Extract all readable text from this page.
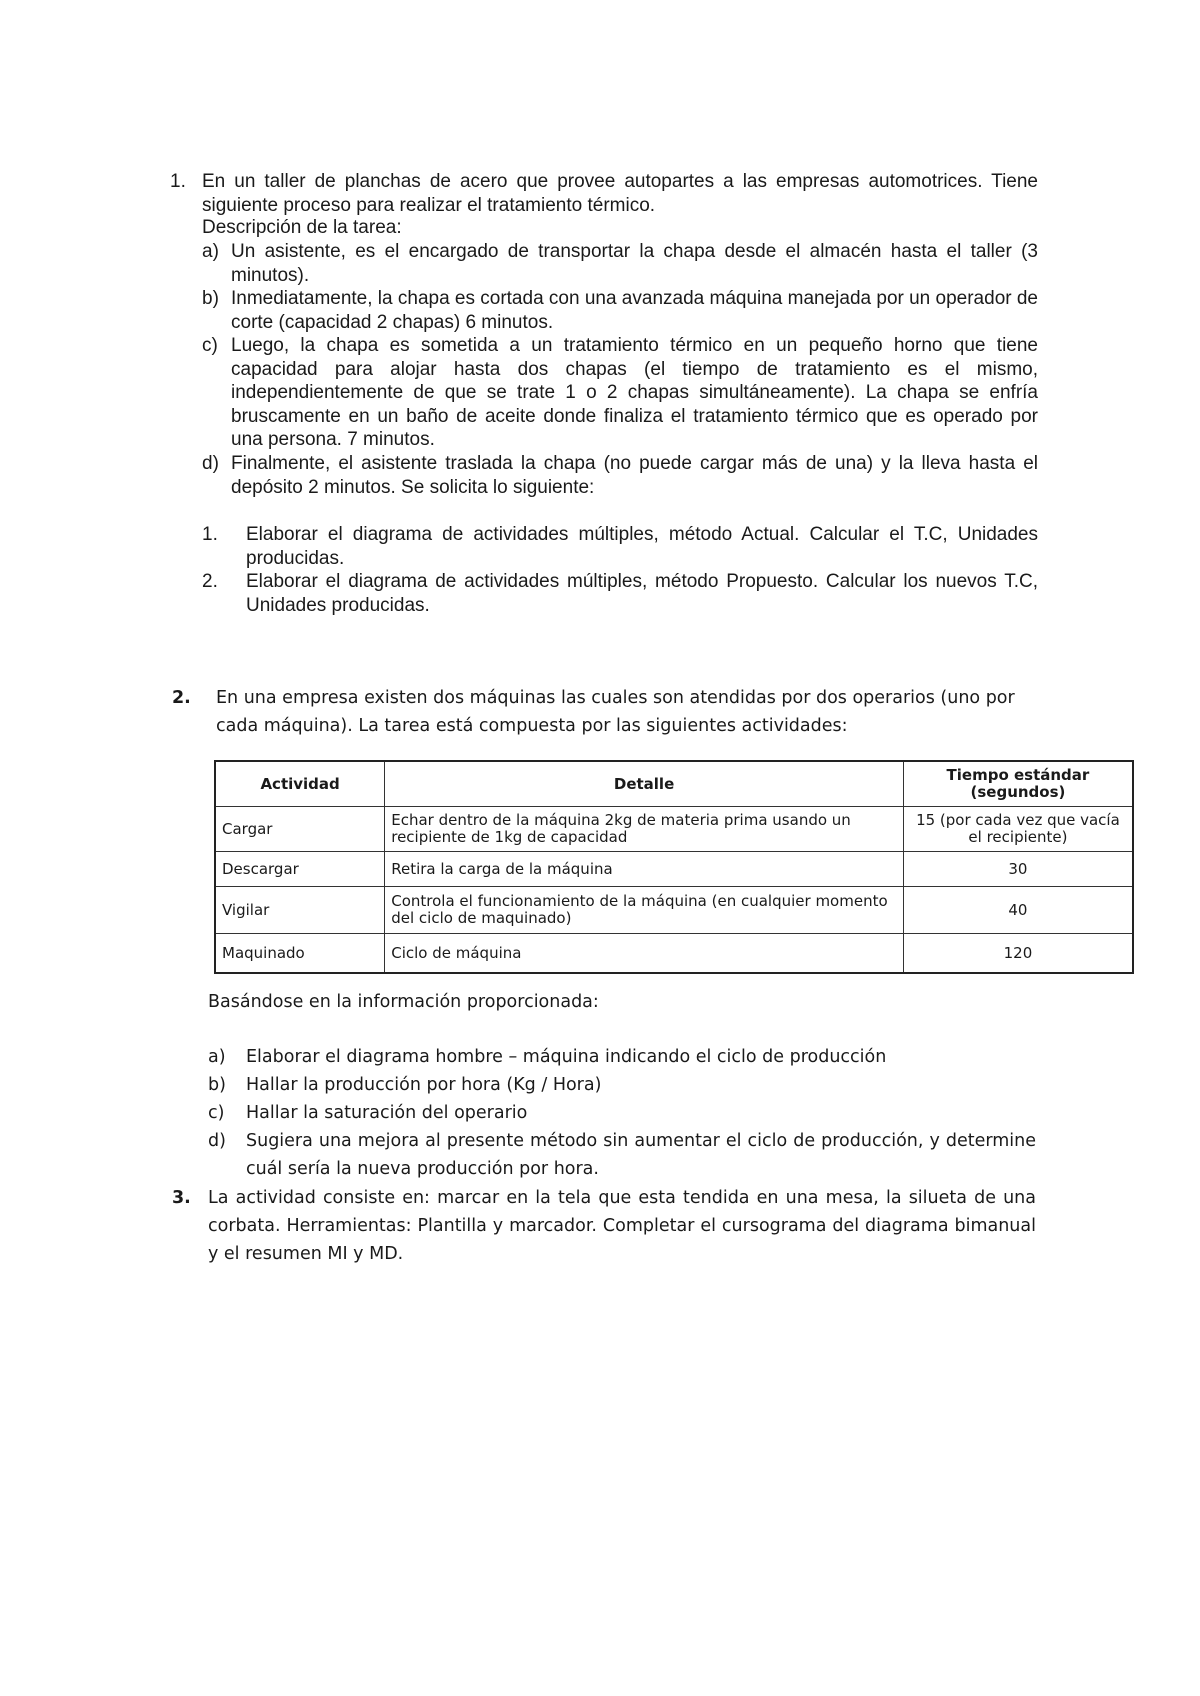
1. En un taller de planchas de acero que provee autopartes a las empresas automotrices. Tiene siguiente proceso para realizar el tratamiento térmico.
Descripción de la tarea:
a) Un asistente, es el encargado de transportar la chapa desde el almacén hasta el taller (3 minutos).
b) Inmediatamente, la chapa es cortada con una avanzada máquina manejada por un operador de corte (capacidad 2 chapas) 6 minutos.
c) Luego, la chapa es sometida a un tratamiento térmico en un pequeño horno que tiene capacidad para alojar hasta dos chapas (el tiempo de tratamiento es el mismo, independientemente de que se trate 1 o 2 chapas simultáneamente). La chapa se enfría bruscamente en un baño de aceite donde finaliza el tratamiento térmico que es operado por una persona. 7 minutos.
d) Finalmente, el asistente traslada la chapa (no puede cargar más de una) y la lleva hasta el depósito 2 minutos. Se solicita lo siguiente:
1. Elaborar el diagrama de actividades múltiples, método Actual. Calcular el T.C, Unidades producidas.
2. Elaborar el diagrama de actividades múltiples, método Propuesto. Calcular los nuevos T.C, Unidades producidas.
2. En una empresa existen dos máquinas las cuales son atendidas por dos operarios (uno por cada máquina). La tarea está compuesta por las siguientes actividades:
Actividad	Detalle	Tiempo estándar (segundos)
Cargar	Echar dentro de la máquina 2kg de materia prima usando un recipiente de 1kg de capacidad	15 (por cada vez que vacía el recipiente)
Descargar	Retira la carga de la máquina	30
Vigilar	Controla el funcionamiento de la máquina (en cualquier momento del ciclo de maquinado)	40
Maquinado	Ciclo de máquina	120
Basándose en la información proporcionada:
a) Elaborar el diagrama hombre – máquina indicando el ciclo de producción
b) Hallar la producción por hora (Kg / Hora)
c) Hallar la saturación del operario
d) Sugiera una mejora al presente método sin aumentar el ciclo de producción, y determine cuál sería la nueva producción por hora.
3. La actividad consiste en: marcar en la tela que esta tendida en una mesa, la silueta de una corbata. Herramientas: Plantilla y marcador. Completar el cursograma del diagrama bimanual y el resumen MI y MD.
